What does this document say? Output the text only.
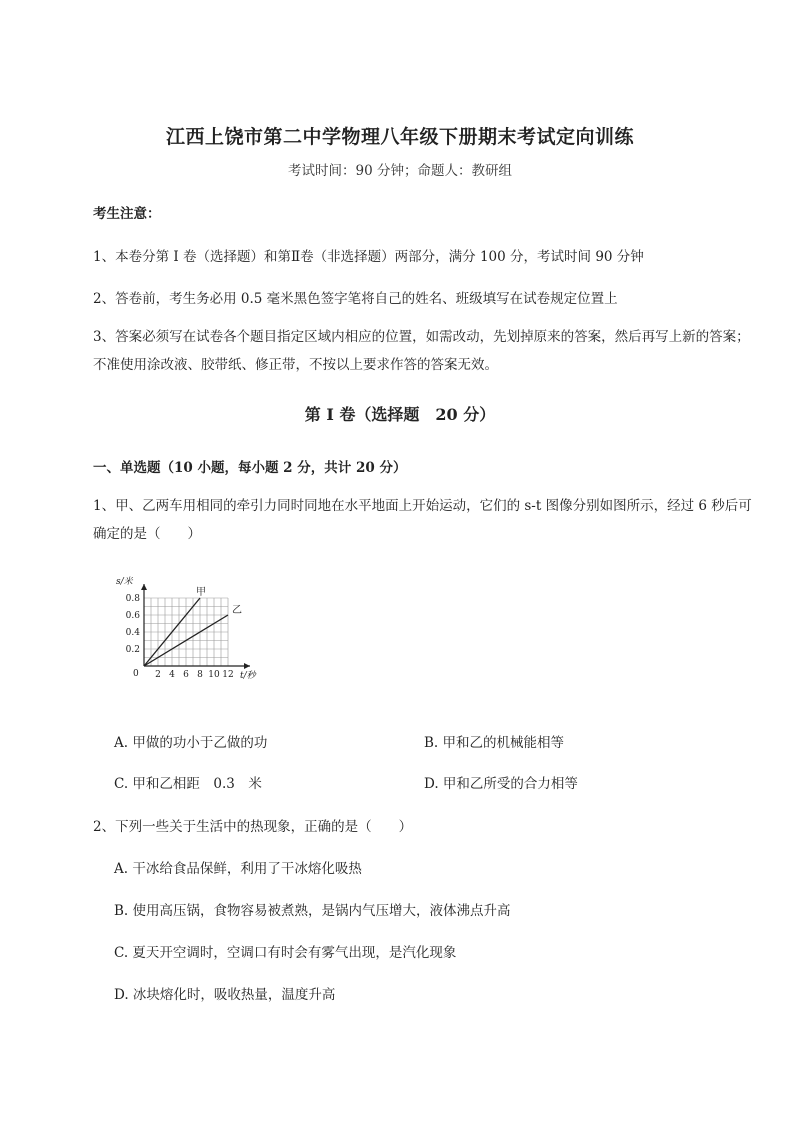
江西上饶市第二中学物理八年级下册期末考试定向训练
考试时间：90 分钟；命题人：教研组
考生注意：
1、本卷分第 I 卷（选择题）和第Ⅱ卷（非选择题）两部分，满分 100 分，考试时间 90 分钟
2、答卷前，考生务必用 0.5 毫米黑色签字笔将自己的姓名、班级填写在试卷规定位置上
3、答案必须写在试卷各个题目指定区域内相应的位置，如需改动，先划掉原来的答案，然后再写上新的答案；不准使用涂改液、胶带纸、修正带，不按以上要求作答的答案无效。
第 I 卷（选择题　20 分）
一、单选题（10 小题，每小题 2 分，共计 20 分）
1、甲、乙两车用相同的牵引力同时同地在水平地面上开始运动，它们的 s-t 图像分别如图所示，经过 6 秒后可确定的是（　　）
s/米
t/秒
0 2 4 6 8 10 12
0.2
0.4
0.6
0.8
甲
乙
A. 甲做的功小于乙做的功	B. 甲和乙的机械能相等
C. 甲和乙相距　0.3　米	D. 甲和乙所受的合力相等
2、下列一些关于生活中的热现象，正确的是（　　）
A. 干冰给食品保鲜，利用了干冰熔化吸热
B. 使用高压锅，食物容易被煮熟，是锅内气压增大，液体沸点升高
C. 夏天开空调时，空调口有时会有雾气出现，是汽化现象
D. 冰块熔化时，吸收热量，温度升高
